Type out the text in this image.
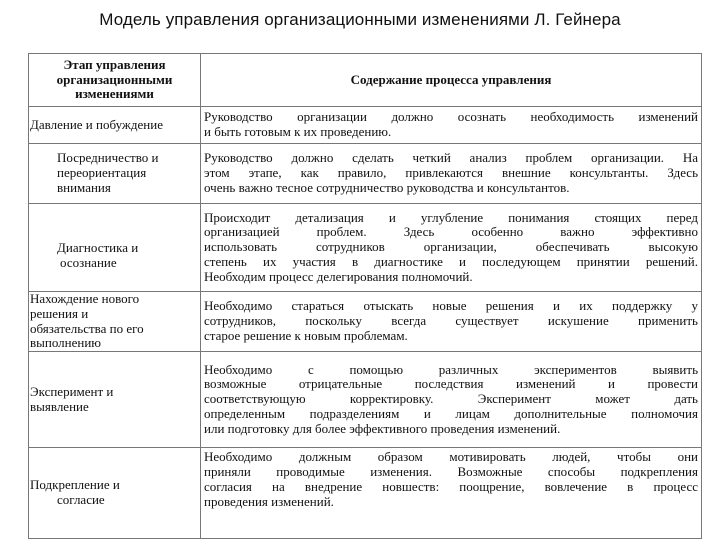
Модель управления организационными изменениями Л. Гейнера
Этап управления
организационными
изменениями	Содержание процесса управления

Давление и побуждение	Руководство организации должно осознать необходимость изменений
и быть готовым к их проведению.

Посредничество и
переориентация
внимания	Руководство должно сделать четкий анализ проблем организации. На
этом этапе, как правило, привлекаются внешние консультанты. Здесь
очень важно тесное сотрудничество руководства и консультантов.

Диагностика и
осознание	Происходит детализация и углубление понимания стоящих перед
организацией проблем. Здесь особенно важно эффективно
использовать сотрудников организации, обеспечивать высокую
степень их участия в диагностике и последующем принятии решений.
Необходим процесс делегирования полномочий.

Нахождение нового
решения и
обязательства по его
выполнению	Необходимо стараться отыскать новые решения и их поддержку у
сотрудников, поскольку всегда существует искушение применить
старое решение к новым проблемам.

Эксперимент и
выявление	Необходимо с помощью различных экспериментов выявить
возможные отрицательные последствия изменений и провести
соответствующую корректировку. Эксперимент может дать
определенным подразделениям и лицам дополнительные полномочия
или подготовку для более эффективного проведения изменений.

Подкрепление и
согласие	Необходимо должным образом мотивировать людей, чтобы они
приняли проводимые изменения. Возможные способы подкрепления
согласия на внедрение новшеств: поощрение, вовлечение в процесс
проведения изменений.
